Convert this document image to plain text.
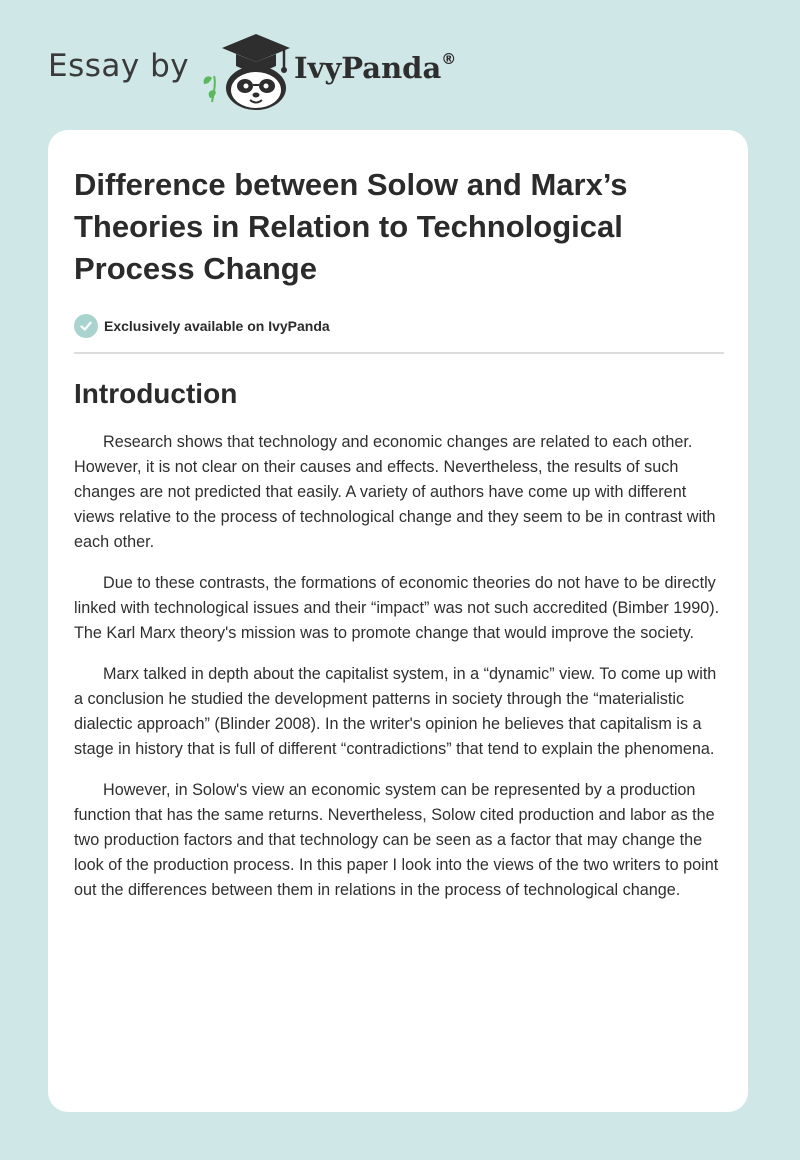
Essay by	IvyPanda®
Difference between Solow and Marx’s Theories in Relation to Technological Process Change
Exclusively available on IvyPanda
Introduction

Research shows that technology and economic changes are related to each other. However, it is not clear on their causes and effects. Nevertheless, the results of such changes are not predicted that easily. A variety of authors have come up with different views relative to the process of technological change and they seem to be in contrast with each other.

Due to these contrasts, the formations of economic theories do not have to be directly linked with technological issues and their “impact” was not such accredited (Bimber 1990). The Karl Marx theory's mission was to promote change that would improve the society.

Marx talked in depth about the capitalist system, in a “dynamic” view. To come up with a conclusion he studied the development patterns in society through the “materialistic dialectic approach” (Blinder 2008). In the writer's opinion he believes that capitalism is a stage in history that is full of different “contradictions” that tend to explain the phenomena.

However, in Solow's view an economic system can be represented by a production function that has the same returns. Nevertheless, Solow cited production and labor as the two production factors and that technology can be seen as a factor that may change the look of the production process. In this paper I look into the views of the two writers to point out the differences between them in relations in the process of technological change.
